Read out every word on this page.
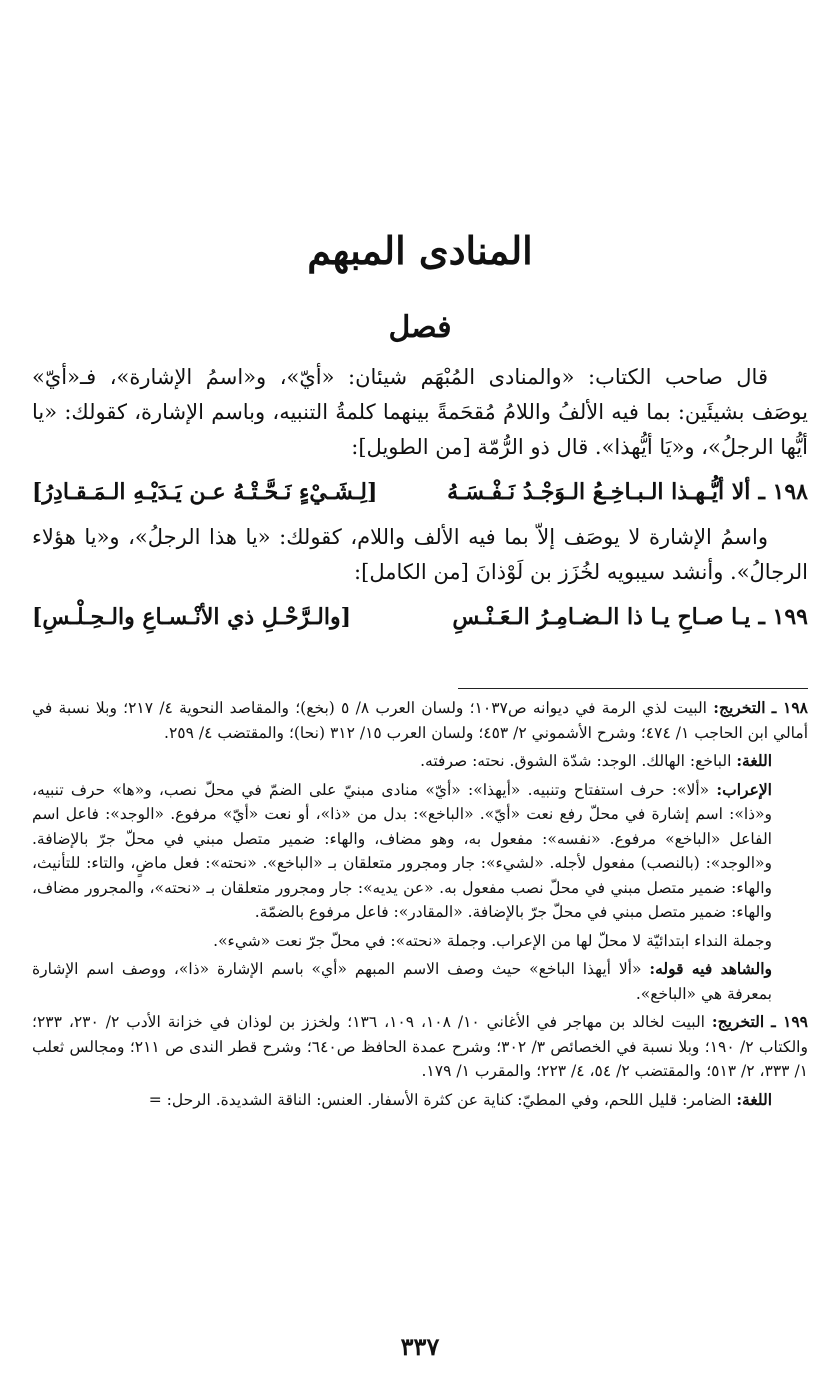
المنادى المبهم
فصل

قال صاحب الكتاب: «والمنادى المُبْهَم شيئان: «أيّ»، و«اسمُ الإشارة»، فـ«أيّ» يوصَف بشيئَين: بما فيه الألفُ واللامُ مُقحَمةً بينهما كلمةُ التنبيه، وباسم الإشارة، كقولك: «يا أيُّها الرجلُ»، و«يَا أيُّهذا». قال ذو الرُّمّة [من الطويل]:

١٩٨ ـ
ألا أيُّـهـذا الـبـاخِـعُ الـوَجْـدُ نَـفْـسَـهُ
[لِـشَـيْءٍ نَـحَّـتْـهُ عـن يَـدَيْـهِ الـمَـقـادِرُ]

واسمُ الإشارة لا يوصَف إلاّ بما فيه الألف واللام، كقولك: «يا هذا الرجلُ»، و«يا هؤلاء الرجالُ». وأنشد سيبويه لخُزَز بن لَوْذانَ [من الكامل]:

١٩٩ ـ
يـا صـاحِ يـا ذا الـضـامِـرُ الـعَـنْـسِ
[والـرَّحْـلِ ذي الأنْـسـاعِ والـحِـلْـسِ]

١٩٨ ـ التخريج: البيت لذي الرمة في ديوانه ص١٠٣٧؛ ولسان العرب ٨/ ٥ (بخع)؛ والمقاصد النحوية ٤/ ٢١٧؛ وبلا نسبة في أمالي ابن الحاجب ١/ ٤٧٤؛ وشرح الأشموني ٢/ ٤٥٣؛ ولسان العرب ١٥/ ٣١٢ (نحا)؛ والمقتضب ٤/ ٢٥٩.

اللغة: الباخع: الهالك. الوجد: شدّة الشوق. نحته: صرفته.

الإعراب: «ألا»: حرف استفتاح وتنبيه. «أيهذا»: «أيّ» منادى مبنيّ على الضمّ في محلّ نصب، و«ها» حرف تنبيه، و«ذا»: اسم إشارة في محلّ رفع نعت «أيّ». «الباخع»: بدل من «ذا»، أو نعت «أيّ» مرفوع. «الوجد»: فاعل اسم الفاعل «الباخع» مرفوع. «نفسه»: مفعول به، وهو مضاف، والهاء: ضمير متصل مبني في محلّ جرّ بالإضافة. و«الوجد»: (بالنصب) مفعول لأجله. «لشيء»: جار ومجرور متعلقان بـ «الباخع». «نحته»: فعل ماضٍ، والتاء: للتأنيث، والهاء: ضمير متصل مبني في محلّ نصب مفعول به. «عن يديه»: جار ومجرور متعلقان بـ «نحته»، والمجرور مضاف، والهاء: ضمير متصل مبني في محلّ جرّ بالإضافة. «المقادر»: فاعل مرفوع بالضمّة.

وجملة النداء ابتدائيّة لا محلّ لها من الإعراب. وجملة «نحته»: في محلّ جرّ نعت «شيء».

والشاهد فيه قوله: «ألا أيهذا الباخع» حيث وصف الاسم المبهم «أي» باسم الإشارة «ذا»، ووصف اسم الإشارة بمعرفة هي «الباخع».

١٩٩ ـ التخريج: البيت لخالد بن مهاجر في الأغاني ١٠/ ١٠٨، ١٠٩، ١٣٦؛ ولخزز بن لوذان في خزانة الأدب ٢/ ٢٣٠، ٢٣٣؛ والكتاب ٢/ ١٩٠؛ وبلا نسبة في الخصائص ٣/ ٣٠٢؛ وشرح عمدة الحافظ ص٦٤٠؛ وشرح قطر الندى ص ٢١١؛ ومجالس ثعلب ١/ ٣٣٣، ٢/ ٥١٣؛ والمقتضب ٢/ ٥٤، ٤/ ٢٢٣؛ والمقرب ١/ ١٧٩.

اللغة: الضامر: قليل اللحم، وفي المطيّ: كناية عن كثرة الأسفار. العنس: الناقة الشديدة. الرحل: =

٣٣٧
